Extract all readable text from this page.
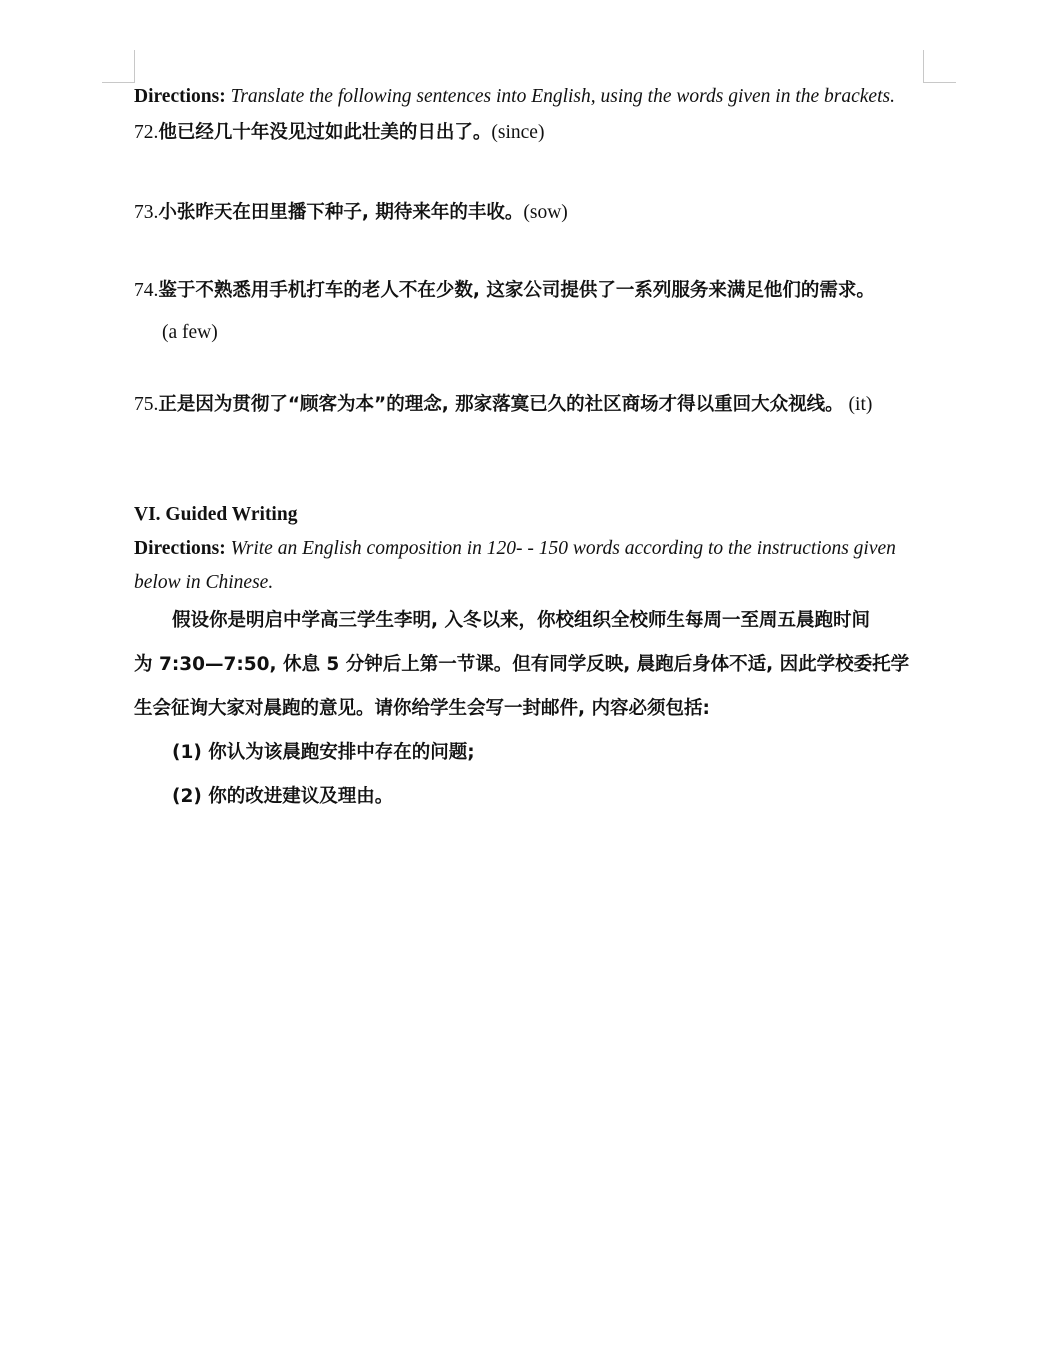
Directions: Translate the following sentences into English, using the words given in the brackets.
72.他已经几十年没见过如此壮美的日出了。(since)
73.小张昨天在田里播下种子, 期待来年的丰收。(sow)
74.鉴于不熟悉用手机打车的老人不在少数, 这家公司提供了一系列服务来满足他们的需求。
(a few)
75.正是因为贯彻了“顾客为本”的理念, 那家落寞已久的社区商场才得以重回大众视线。 (it)
VI. Guided Writing
Directions: Write an English composition in 120- - 150 words according to the instructions given
below in Chinese.
假设你是明启中学高三学生李明, 入冬以来，你校组织全校师生每周一至周五晨跑时间
为 7:30—7:50, 休息 5 分钟后上第一节课。但有同学反映, 晨跑后身体不适, 因此学校委托学
生会征询大家对晨跑的意见。请你给学生会写一封邮件, 内容必须包括:
(1) 你认为该晨跑安排中存在的问题;
(2) 你的改进建议及理由。
